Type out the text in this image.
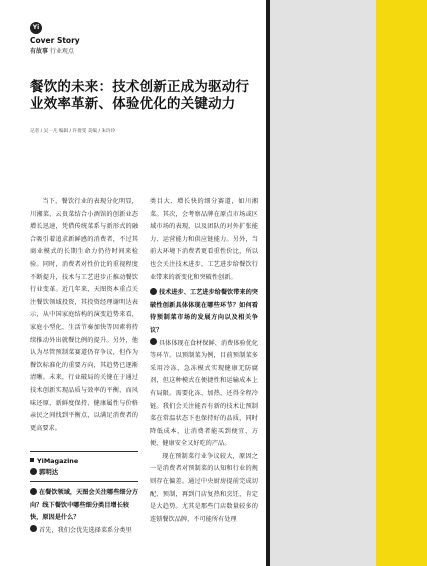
Yi
Cover Story
有故事 行业观点
餐饮的未来：技术创新正成为驱动行业效率革新、体验优化的关键动力
记者 / 吴一凡 编辑 / 许倩雯 美编 / 朱玲玲

当下，餐饮行业的表现分化明显，川湘菜、云贵菜结合小酒馆的创新业态增长迅速，凭借传统菜系与新形式的融合吸引着追求新鲜感的消费者，不过其商业模式的长期生命力仍待时间来检验。同时，消费者对性价比的重视程度不断提升，技术与工艺进步正推动餐饮行业变革。近几年来，天图资本重点关注餐饮领域投资，其投资经理谢明达表示，从中国家庭结构的演变趋势来看，家庭小型化、生活节奏加快等因素将持续推动外出就餐比例的提升。另外，他认为尽管预制菜赛道仍存争议，但作为餐饮标准化的重要方向，其趋势已逐渐清晰。未来，行业破局的关键在于通过技术创新实现品质与效率的平衡，而风味还原、新鲜度保持、健康属性与价格亲民之间找到平衡点，以满足消费者的更高要求。

YiMagazine
郭明达

在餐饮领域，天图会关注哪些细分方向？线下餐饮中哪些细分类目增长较快，原因是什么？

首先，我们会优先选择菜系分类里

类目大、增长快的细分赛道，如川湘菜。其次，会考察品牌在原点市场或区域市场的表现，以及团队的对外扩张能力、运营能力和供应链能力。另外，当前大环境下消费者更看重性价比，所以也会关注技术进步、工艺进步给餐饮行业带来的新变化和突破性创新。

技术进步、工艺进步给餐饮带来的突破性创新具体体现在哪些环节？如何看待预制菜市场的发展方向以及相关争议？

具体体现在食材保鲜、消费体验优化等环节。以预制菜为例，目前预制菜多采用冷冻、急冻模式实现健康无防腐剂，但这种模式在便捷性和运输成本上有局限。需要化冻、加热，还得全程冷链。我们会关注能否有新的技术让预制菜在常温状态下也保持好的品质，同时降低成本，让消费者能买到便宜、方便、健康安全又好吃的产品。

现在预制菜行业争议较大，原因之一是消费者对预制菜的认知和行业的规则存在偏差。通过中央厨房提前完成切配、预制，再到门店复热和烹饪，肯定是大趋势。尤其是那些门店数量较多的连锁餐饮品牌，不可能所有处理
